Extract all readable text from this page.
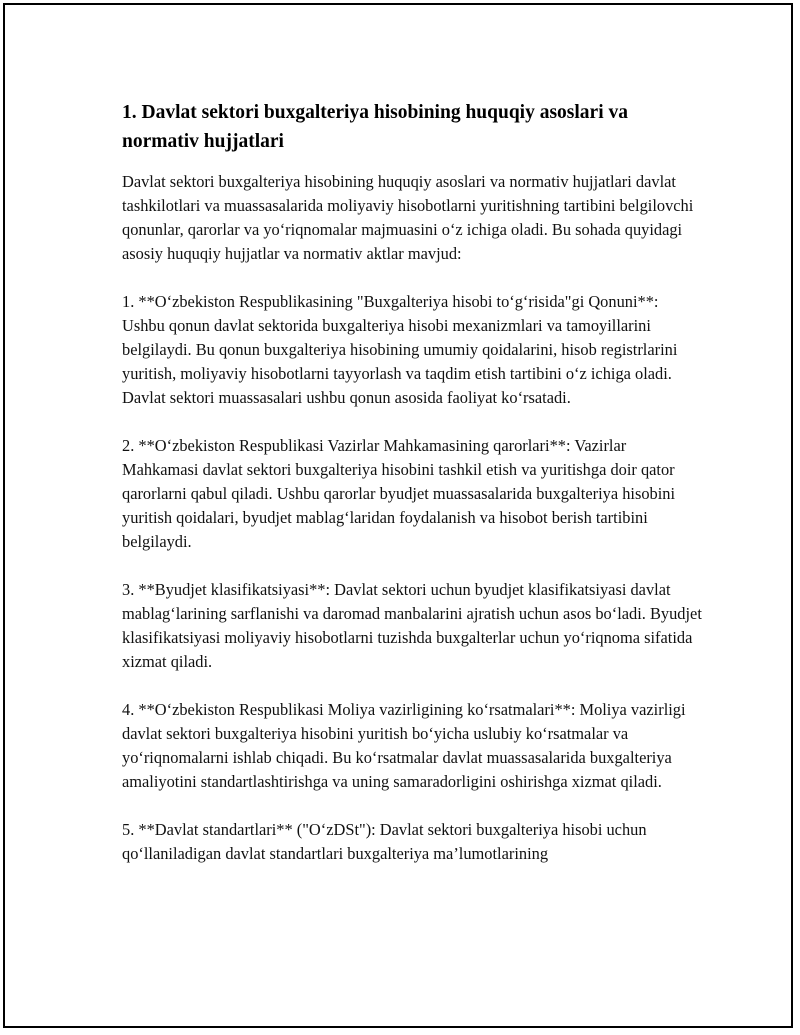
1. Davlat sektori buxgalteriya hisobining huquqiy asoslari va normativ hujjatlari

Davlat sektori buxgalteriya hisobining huquqiy asoslari va normativ hujjatlari davlat tashkilotlari va muassasalarida moliyaviy hisobotlarni yuritishning tartibini belgilovchi qonunlar, qarorlar va yo‘riqnomalar majmuasini o‘z ichiga oladi. Bu sohada quyidagi asosiy huquqiy hujjatlar va normativ aktlar mavjud:

1. **O‘zbekiston Respublikasining "Buxgalteriya hisobi to‘g‘risida"gi Qonuni**: Ushbu qonun davlat sektorida buxgalteriya hisobi mexanizmlari va tamoyillarini belgilaydi. Bu qonun buxgalteriya hisobining umumiy qoidalarini, hisob registrlarini yuritish, moliyaviy hisobotlarni tayyorlash va taqdim etish tartibini o‘z ichiga oladi. Davlat sektori muassasalari ushbu qonun asosida faoliyat ko‘rsatadi.

2. **O‘zbekiston Respublikasi Vazirlar Mahkamasining qarorlari**: Vazirlar Mahkamasi davlat sektori buxgalteriya hisobini tashkil etish va yuritishga doir qator qarorlarni qabul qiladi. Ushbu qarorlar byudjet muassasalarida buxgalteriya hisobini yuritish qoidalari, byudjet mablag‘laridan foydalanish va hisobot berish tartibini belgilaydi.

3. **Byudjet klasifikatsiyasi**: Davlat sektori uchun byudjet klasifikatsiyasi davlat mablag‘larining sarflanishi va daromad manbalarini ajratish uchun asos bo‘ladi. Byudjet klasifikatsiyasi moliyaviy hisobotlarni tuzishda buxgalterlar uchun yo‘riqnoma sifatida xizmat qiladi.

4. **O‘zbekiston Respublikasi Moliya vazirligining ko‘rsatmalari**: Moliya vazirligi davlat sektori buxgalteriya hisobini yuritish bo‘yicha uslubiy ko‘rsatmalar va yo‘riqnomalarni ishlab chiqadi. Bu ko‘rsatmalar davlat muassasalarida buxgalteriya amaliyotini standartlashtirishga va uning samaradorligini oshirishga xizmat qiladi.

5. **Davlat standartlari** ("O‘zDSt"): Davlat sektori buxgalteriya hisobi uchun qo‘llaniladigan davlat standartlari buxgalteriya ma’lumotlarining
